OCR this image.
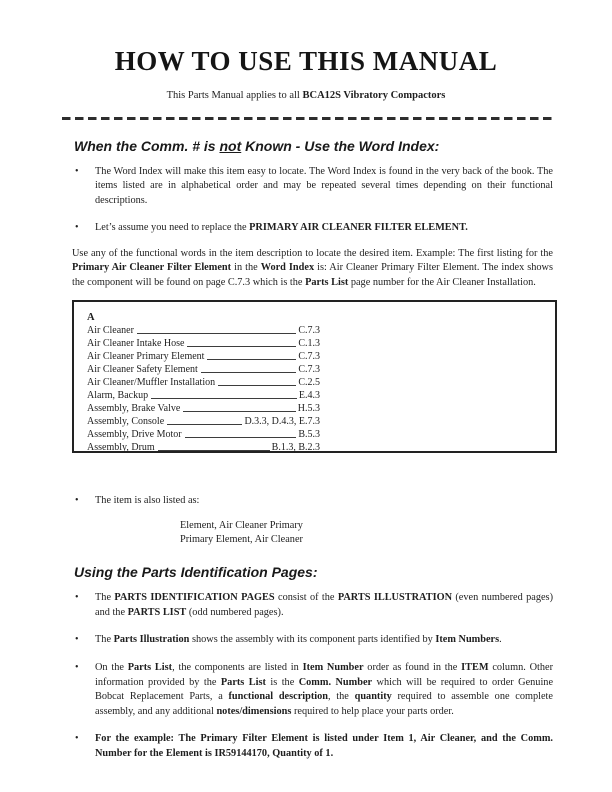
HOW TO USE THIS MANUAL

This Parts Manual applies to all BCA12S Vibratory Compactors

When the Comm. # is not Known - Use the Word Index:
•	The Word Index will make this item easy to locate. The Word Index is found in the very back of the book. The items listed are in alphabetical order and may be repeated several times depending on their functional descriptions.
•	Let’s assume you need to replace the PRIMARY AIR CLEANER FILTER ELEMENT.

Use any of the functional words in the item description to locate the desired item. Example: The first listing for the Primary Air Cleaner Filter Element in the Word Index is: Air Cleaner Primary Filter Element. The index shows the component will be found on page C.7.3 which is the Parts List page number for the Air Cleaner Installation.

A
Air Cleaner	C.7.3
Air Cleaner Intake Hose	C.1.3
Air Cleaner Primary Element	C.7.3
Air Cleaner Safety Element	C.7.3
Air Cleaner/Muffler Installation	C.2.5
Alarm, Backup	E.4.3
Assembly, Brake Valve	H.5.3
Assembly, Console	D.3.3, D.4.3, E.7.3
Assembly, Drive Motor	B.5.3
Assembly, Drum	B.1.3, B.2.3
•	The item is also listed as:

Element, Air Cleaner Primary

Primary Element, Air Cleaner

Using the Parts Identification Pages:
•	The PARTS IDENTIFICATION PAGES consist of the PARTS ILLUSTRATION (even numbered pages) and the PARTS LIST (odd numbered pages).
•	The Parts Illustration shows the assembly with its component parts identified by Item Numbers.
•	On the Parts List, the components are listed in Item Number order as found in the ITEM column. Other information provided by the Parts List is the Comm. Number which will be required to order Genuine Bobcat Replacement Parts, a functional description, the quantity required to assemble one complete assembly, and any additional notes/dimensions required to help place your parts order.
•	For the example: The Primary Filter Element is listed under Item 1, Air Cleaner, and the Comm. Number for the Element is IR59144170, Quantity of 1.
